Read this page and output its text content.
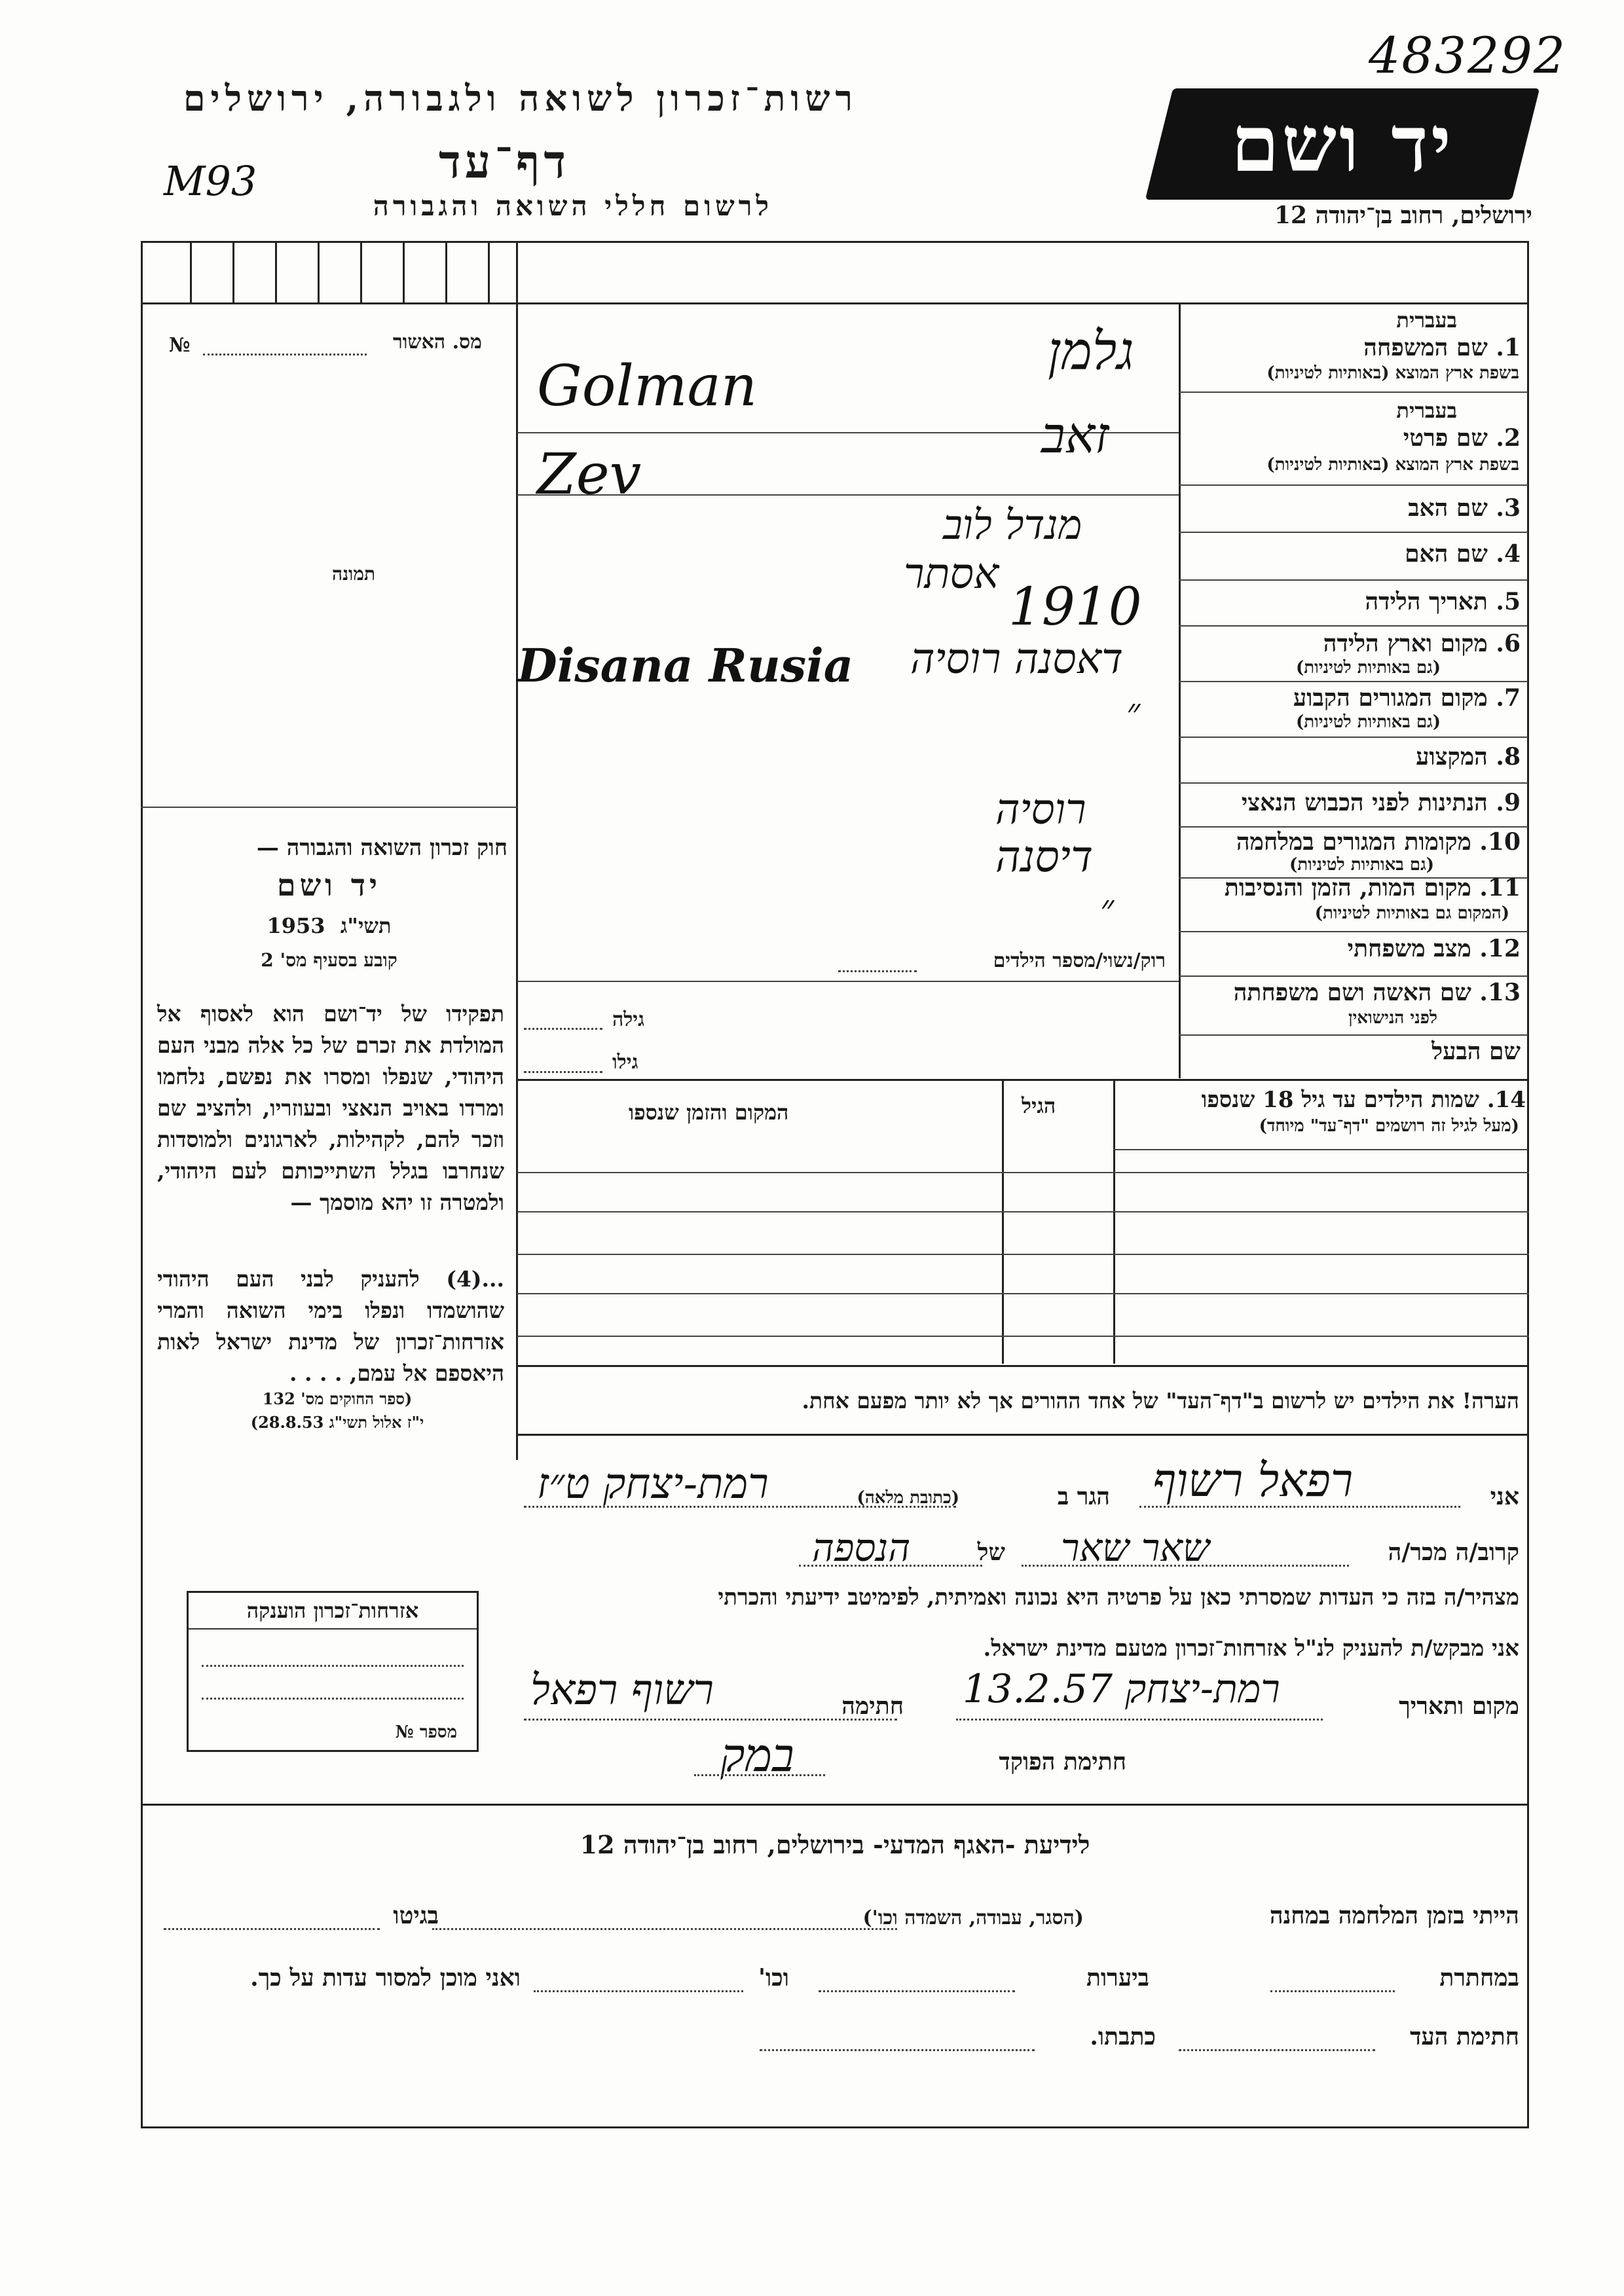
483292
רשות־זכרון לשואה ולגבורה, ירושלים
דף־עד
M93
לרשום חללי השואה והגבורה
יד ושם
ירושלים, רחוב בן־יהודה 12
מס. האשור
№
תמונה
חוק זכרון השואה והגבורה —
יד ושם
1953 תשי"ג
קובע בסעיף מס' 2
תפקידו של יד־ושם הוא לאסוף אל המולדת את זכרם של כל אלה מבני העם היהודי, שנפלו ומסרו את נפשם, נלחמו ומרדו באויב הנאצי ובעוזריו, ולהציב שם וזכר להם, לקהילות, לארגונים ולמוסדות שנחרבו בגלל השתייכותם לעם היהודי, ולמטרה זו יהא מוסמך —
...(4) להעניק לבני העם היהודי שהושמדו ונפלו בימי השואה והמרי אזרחות־זכרון של מדינת ישראל לאות היאספם אל עמם, . . . .
(ספר החוקים מס' 132
י"ז אלול תשי"ג 28.8.53)
אזרחות־זכרון הוענקה
מספר №
בעברית
1. שם המשפחה
בשפת ארץ המוצא (באותיות לטיניות)
בעברית
2. שם פרטי
בשפת ארץ המוצא (באותיות לטיניות)
3. שם האב
4. שם האם
5. תאריך הלידה
6. מקום וארץ הלידה
(גם באותיות לטיניות)
7. מקום המגורים הקבוע
(גם באותיות לטיניות)
8. המקצוע
9. הנתינות לפני הכבוש הנאצי
10. מקומות המגורים במלחמה
(גם באותיות לטיניות)
11. מקום המות, הזמן והנסיבות
(המקום גם באותיות לטיניות)
12. מצב משפחתי
13. שם האשה ושם משפחתה
לפני הנישואין
שם הבעל
רוק/נשוי/מספר הילדים
גילה
גילו
14. שמות הילדים עד גיל 18 שנספו
(מעל לגיל זה רושמים "דף־עד" מיוחד)
הגיל
המקום והזמן שנספו
הערה! את הילדים יש לרשום ב"דף־העד" של אחד ההורים אך לא יותר מפעם אחת.
גלמן
Golman
זאב
Zev
מנדל לוב
אסתר
1910
Disana Rusia דאסנה רוסיה
״
רוסיה
דיסנה
״
אני
רפאל רשוף
הגר ב
(כתובת מלאה)
רמת-יצחק ט״ז
קרוב/ה מכר/ה
שאר ‫שאר
של
הנספה
מצהיר/ה בזה כי העדות שמסרתי כאן על פרטיה היא נכונה ואמיתית, לפימיטב ידיעתי והכרתי
אני מבקש/ת להעניק לנ"ל אזרחות־זכרון מטעם מדינת ישראל.
מקום ותאריך
רמת-יצחק 13.2.57
חתימה
רשוף רפאל
חתימת הפוקד
במק
לידיעת -האגף המדעי- בירושלים, רחוב בן־יהודה 12
הייתי בזמן המלחמה במחנה
(הסגר, עבודה, השמדה וכו')
בגיטו
במחתרת
ביערות
וכו'
ואני מוכן למסור עדות על כך.
חתימת העד
כתבתו.
